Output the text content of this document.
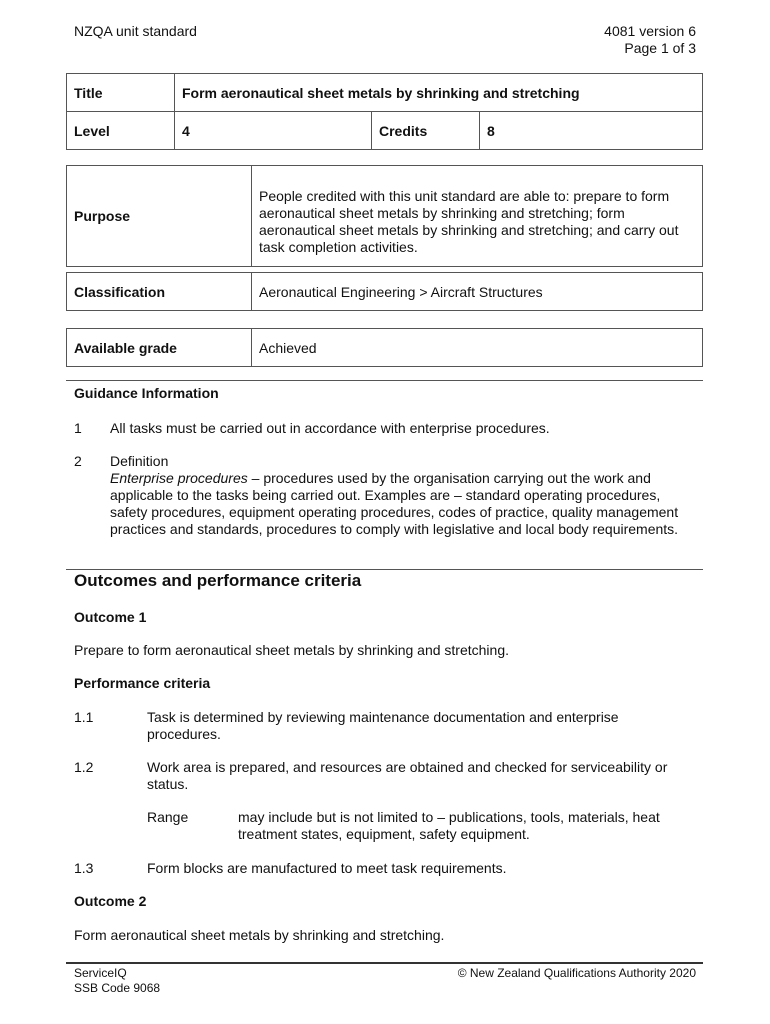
NZQA unit standard	4081 version 6
Page 1 of 3
Title	Form aeronautical sheet metals by shrinking and stretching		
Level	4	Credits	8
Purpose	People credited with this unit standard are able to: prepare to form aeronautical sheet metals by shrinking and stretching; form aeronautical sheet metals by shrinking and stretching; and carry out task completion activities.
Classification	Aeronautical Engineering > Aircraft Structures
Available grade	Achieved
Guidance Information
1 All tasks must be carried out in accordance with enterprise procedures.
2 Definition
Enterprise procedures – procedures used by the organisation carrying out the work and applicable to the tasks being carried out. Examples are – standard operating procedures, safety procedures, equipment operating procedures, codes of practice, quality management practices and standards, procedures to comply with legislative and local body requirements.
Outcomes and performance criteria
Outcome 1
Prepare to form aeronautical sheet metals by shrinking and stretching.
Performance criteria
1.1	Task is determined by reviewing maintenance documentation and enterprise procedures.
1.2	Work area is prepared, and resources are obtained and checked for serviceability or status.
Range	may include but is not limited to – publications, tools, materials, heat treatment states, equipment, safety equipment.
1.3	Form blocks are manufactured to meet task requirements.
Outcome 2
Form aeronautical sheet metals by shrinking and stretching.
ServiceIQ
SSB Code 9068
© New Zealand Qualifications Authority 2020
